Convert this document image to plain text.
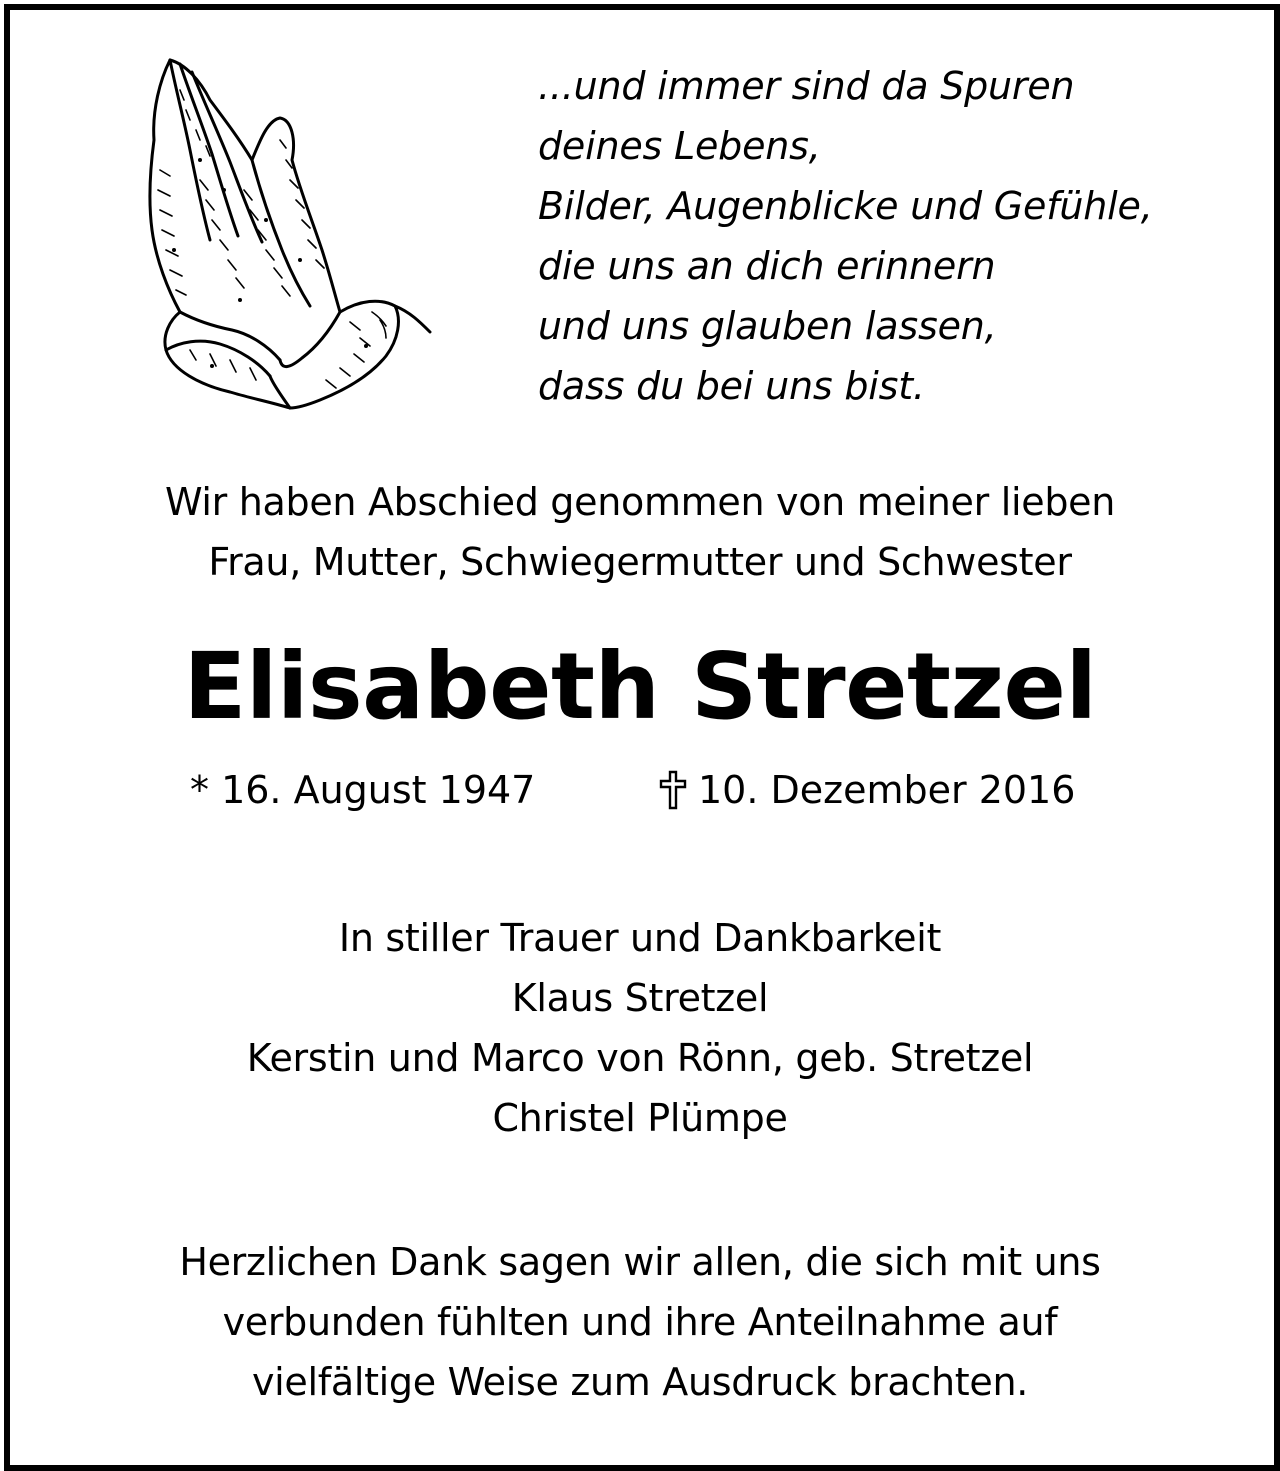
...und immer sind da Spuren
deines Lebens,
Bilder, Augenblicke und Gefühle,
die uns an dich erinnern
und uns glauben lassen,
dass du bei uns bist.
Wir haben Abschied genommen von meiner lieben
Frau, Mutter, Schwiegermutter und Schwester
Elisabeth Stretzel
* 16. August 1947	10. Dezember 2016
In stiller Trauer und Dankbarkeit
Klaus Stretzel
Kerstin und Marco von Rönn, geb. Stretzel
Christel Plümpe
Herzlichen Dank sagen wir allen, die sich mit uns
verbunden fühlten und ihre Anteilnahme auf
vielfältige Weise zum Ausdruck brachten.
